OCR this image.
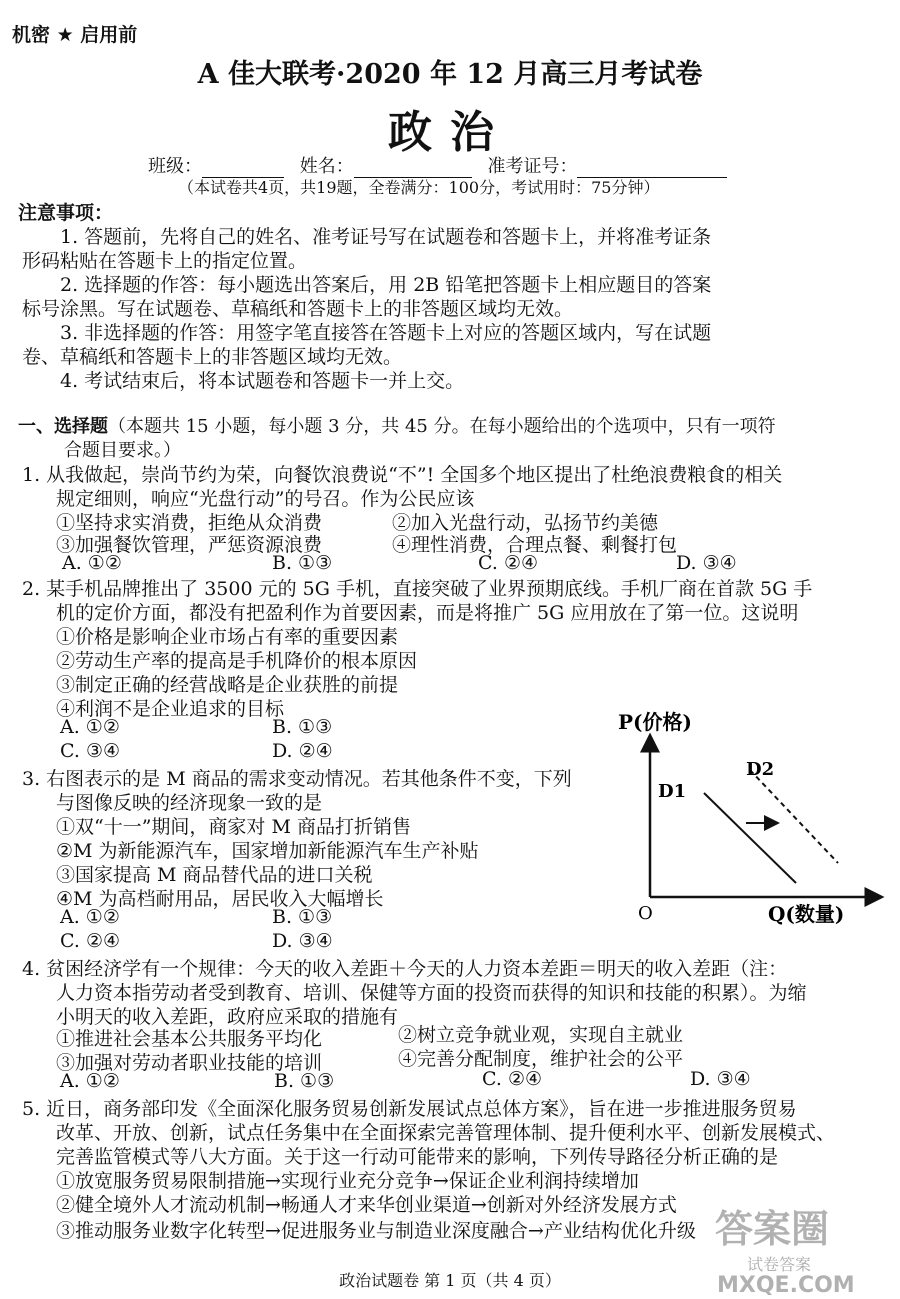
机密 ★ 启用前
A 佳大联考·2020 年 12 月高三月考试卷
政治
班级：	姓名：	准考证号：
（本试卷共4页，共19题，全卷满分：100分，考试用时：75分钟）
注意事项：
1. 答题前，先将自己的姓名、准考证号写在试题卷和答题卡上，并将准考证条
形码粘贴在答题卡上的指定位置。
2. 选择题的作答：每小题选出答案后，用 2B 铅笔把答题卡上相应题目的答案
标号涂黑。写在试题卷、草稿纸和答题卡上的非答题区域均无效。
3. 非选择题的作答：用签字笔直接答在答题卡上对应的答题区域内，写在试题
卷、草稿纸和答题卡上的非答题区域均无效。
4. 考试结束后，将本试题卷和答题卡一并上交。
一、选择题（本题共 15 小题，每小题 3 分，共 45 分。在每小题给出的个选项中，只有一项符
合题目要求。）
1. 从我做起，崇尚节约为荣，向餐饮浪费说“不”! 全国多个地区提出了杜绝浪费粮食的相关
规定细则，响应“光盘行动”的号召。作为公民应该
①坚持求实消费，拒绝从众消费	②加入光盘行动，弘扬节约美德
③加强餐饮管理，严惩资源浪费	④理性消费，合理点餐、剩餐打包
A. ①②	B. ①③	C. ②④	D. ③④
2. 某手机品牌推出了 3500 元的 5G 手机，直接突破了业界预期底线。手机厂商在首款 5G 手
机的定价方面，都没有把盈利作为首要因素，而是将推广 5G 应用放在了第一位。这说明
①价格是影响企业市场占有率的重要因素
②劳动生产率的提高是手机降价的根本原因
③制定正确的经营战略是企业获胜的前提
④利润不是企业追求的目标
A. ①②	B. ①③
C. ③④	D. ②④
3. 右图表示的是 M 商品的需求变动情况。若其他条件不变，下列
与图像反映的经济现象一致的是
①双“十一”期间，商家对 M 商品打折销售
②M 为新能源汽车，国家增加新能源汽车生产补贴
③国家提高 M 商品替代品的进口关税
④M 为高档耐用品，居民收入大幅增长
A. ①②	B. ①③
C. ②④	D. ③④
P(价格)
Q(数量)
O
D1
D2
4. 贫困经济学有一个规律：今天的收入差距＋今天的人力资本差距＝明天的收入差距（注：
人力资本指劳动者受到教育、培训、保健等方面的投资而获得的知识和技能的积累）。为缩
小明天的收入差距，政府应采取的措施有
①推进社会基本公共服务平均化	②树立竞争就业观，实现自主就业
③加强对劳动者职业技能的培训	④完善分配制度，维护社会的公平
A. ①②	B. ①③	C. ②④	D. ③④
5. 近日，商务部印发《全面深化服务贸易创新发展试点总体方案》，旨在进一步推进服务贸易
改革、开放、创新，试点任务集中在全面探索完善管理体制、提升便利水平、创新发展模式、
完善监管模式等八大方面。关于这一行动可能带来的影响，下列传导路径分析正确的是
①放宽服务贸易限制措施→实现行业充分竞争→保证企业利润持续增加
②健全境外人才流动机制→畅通人才来华创业渠道→创新对外经济发展方式
③推动服务业数字化转型→促进服务业与制造业深度融合→产业结构优化升级
政治试题卷 第 1 页（共 4 页）
答案圈
试卷答案
MXQE.COM
